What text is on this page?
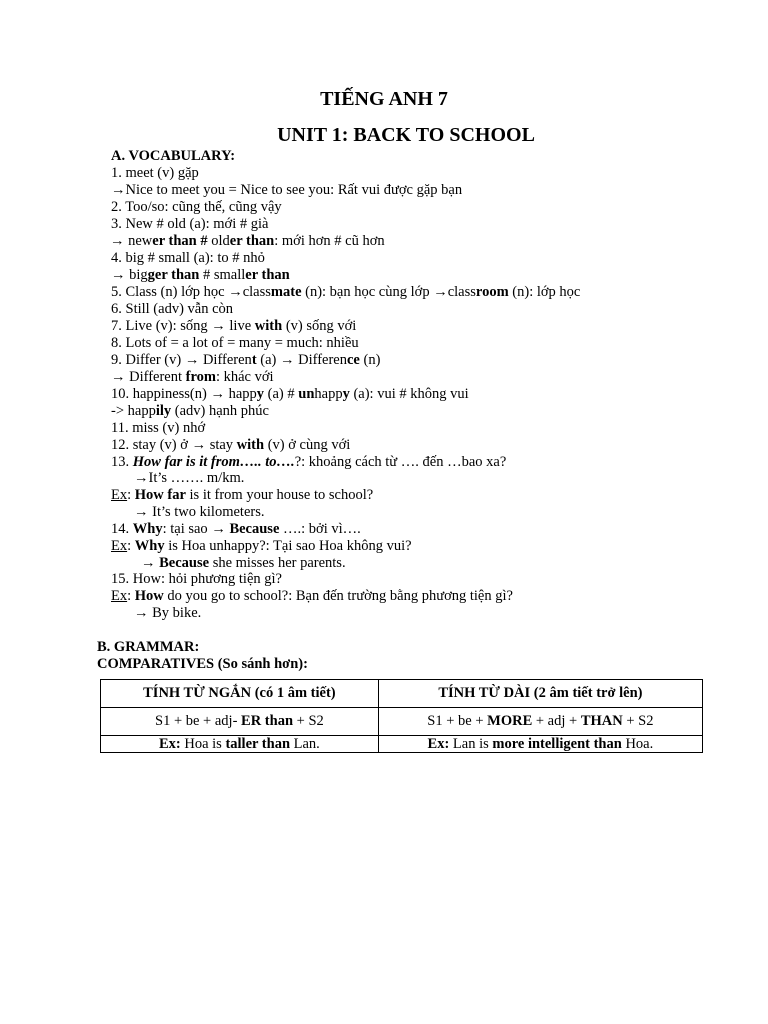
TIẾNG ANH 7
UNIT 1: BACK TO SCHOOL
A. VOCABULARY:
1. meet (v) gặp
→Nice to meet you = Nice to see you: Rất vui được gặp bạn
2. Too/so: cũng thế, cũng vậy
3. New # old (a): mới # già
→ newer than # older than: mới hơn # cũ hơn
4. big # small (a): to # nhỏ
→ bigger than # smaller than
5. Class (n) lớp học →classmate (n): bạn học cùng lớp →classroom (n): lớp học
6. Still (adv) vẫn còn
7. Live (v): sống → live with (v) sống với
8. Lots of = a lot of = many = much: nhiều
9. Differ (v) → Different (a) → Difference (n)
→ Different from: khác với
10. happiness(n) → happy (a) # unhappy (a): vui # không vui
-> happily (adv) hạnh phúc
11. miss (v) nhớ
12. stay (v) ở → stay with (v) ở cùng với
13. How far is it from….. to….?: khoảng cách từ …. đến …bao xa?
→It’s ……. m/km.
Ex: How far is it from your house to school?
→ It’s two kilometers.
14. Why: tại sao → Because ….: bởi vì….
Ex: Why is Hoa unhappy?: Tại sao Hoa không vui?
→ Because she misses her parents.
15. How: hỏi phương tiện gì?
Ex: How do you go to school?: Bạn đến trường bằng phương tiện gì?
→ By bike.
B. GRAMMAR:
COMPARATIVES (So sánh hơn):
TÍNH TỪ NGẮN (có 1 âm tiết)	TÍNH TỪ DÀI (2 âm tiết trở lên)
S1 + be + adj- ER than + S2	S1 + be + MORE + adj + THAN + S2
Ex: Hoa is taller than Lan.	Ex: Lan is more intelligent than Hoa.
